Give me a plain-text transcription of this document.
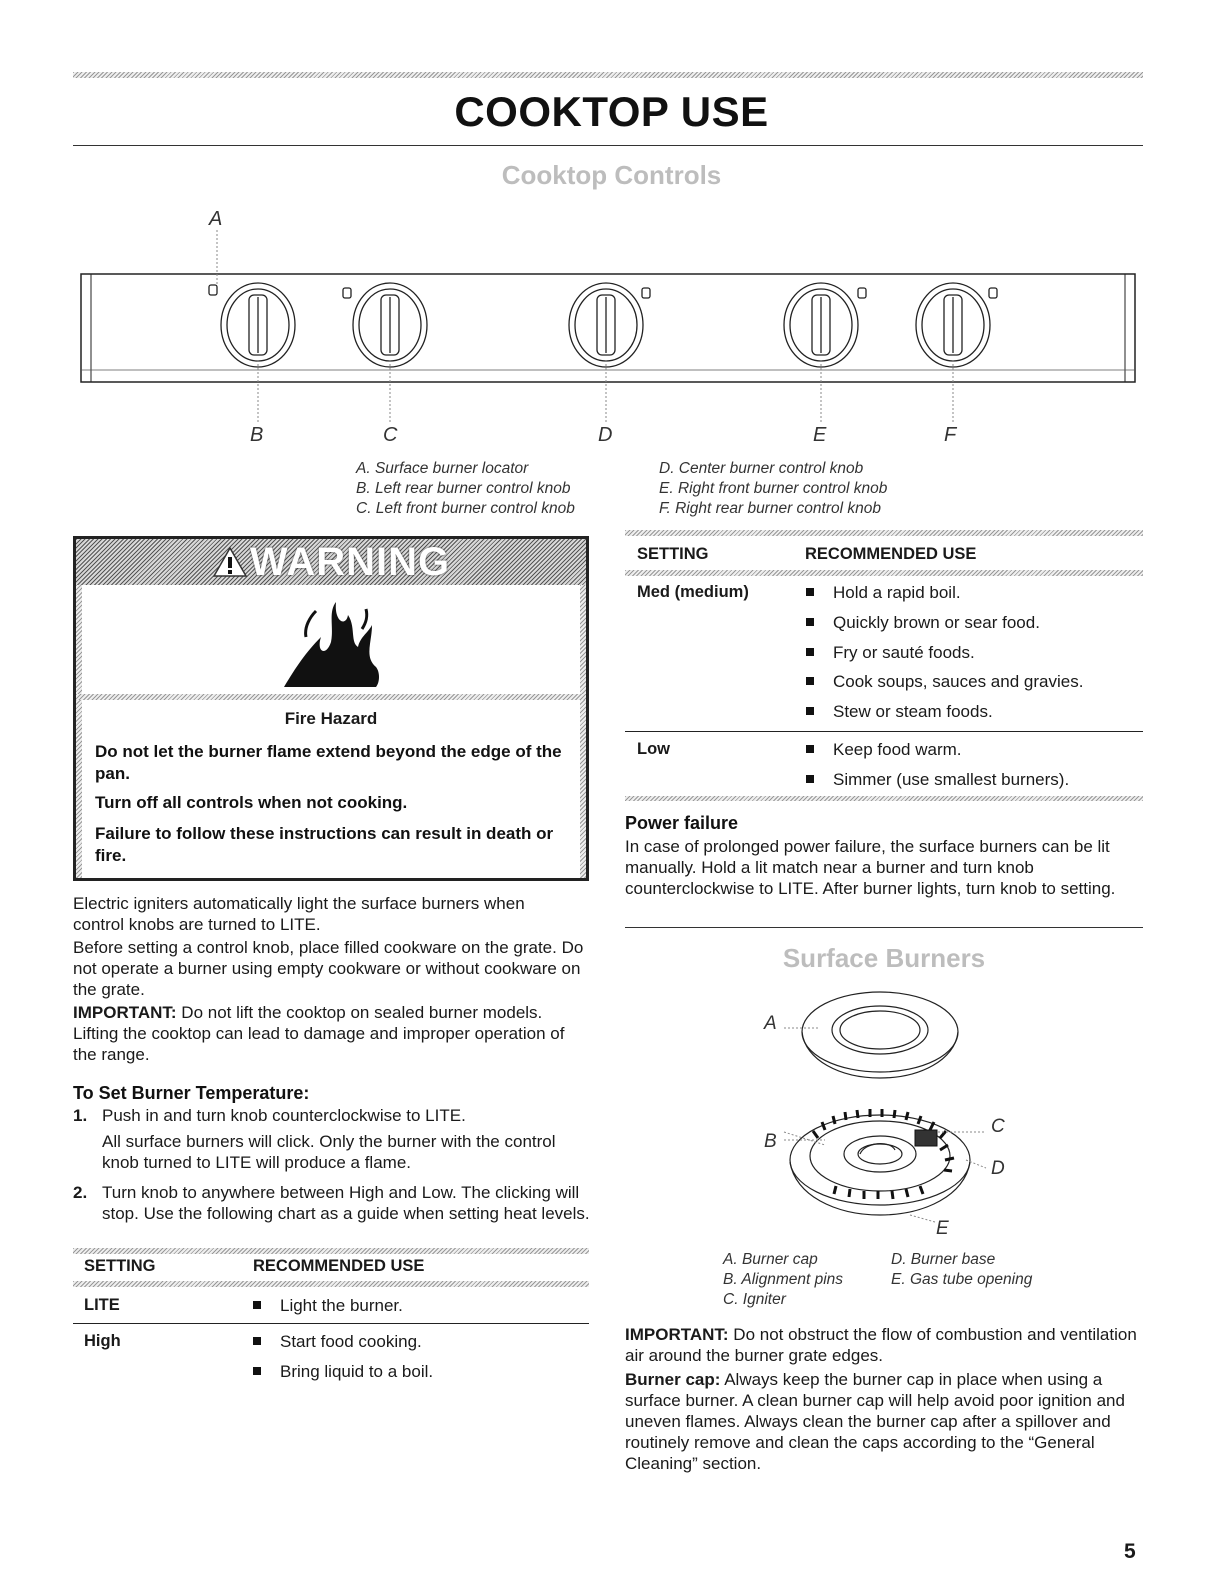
COOKTOP USE
Cooktop Controls
A
B	C	D	E	F
A. Surface burner locator
B. Left rear burner control knob
C. Left front burner control knob
D. Center burner control knob
E. Right front burner control knob
F. Right rear burner control knob
WARNING
Fire Hazard
Do not let the burner flame extend beyond the edge of the pan.
Turn off all controls when not cooking.
Failure to follow these instructions can result in death or fire.
Electric igniters automatically light the surface burners when control knobs are turned to LITE.
Before setting a control knob, place filled cookware on the grate. Do not operate a burner using empty cookware or without cookware on the grate.
IMPORTANT: Do not lift the cooktop on sealed burner models. Lifting the cooktop can lead to damage and improper operation of the range.
To Set Burner Temperature:
1. Push in and turn knob counterclockwise to LITE.
All surface burners will click. Only the burner with the control knob turned to LITE will produce a flame.
2. Turn knob to anywhere between High and Low. The clicking will stop. Use the following chart as a guide when setting heat levels.
SETTING	RECOMMENDED USE
LITE	Light the burner.
High	Start food cooking.
Bring liquid to a boil.
SETTING	RECOMMENDED USE
Med (medium)	Hold a rapid boil.
Quickly brown or sear food.
Fry or sauté foods.
Cook soups, sauces and gravies.
Stew or steam foods.
Low	Keep food warm.
Simmer (use smallest burners).
Power failure
In case of prolonged power failure, the surface burners can be lit manually. Hold a lit match near a burner and turn knob counterclockwise to LITE. After burner lights, turn knob to setting.
Surface Burners
A
B
C
D
E
A. Burner cap
B. Alignment pins
C. Igniter
D. Burner base
E. Gas tube opening
IMPORTANT: Do not obstruct the flow of combustion and ventilation air around the burner grate edges.
Burner cap: Always keep the burner cap in place when using a surface burner. A clean burner cap will help avoid poor ignition and uneven flames. Always clean the burner cap after a spillover and routinely remove and clean the caps according to the “General Cleaning” section.
5
